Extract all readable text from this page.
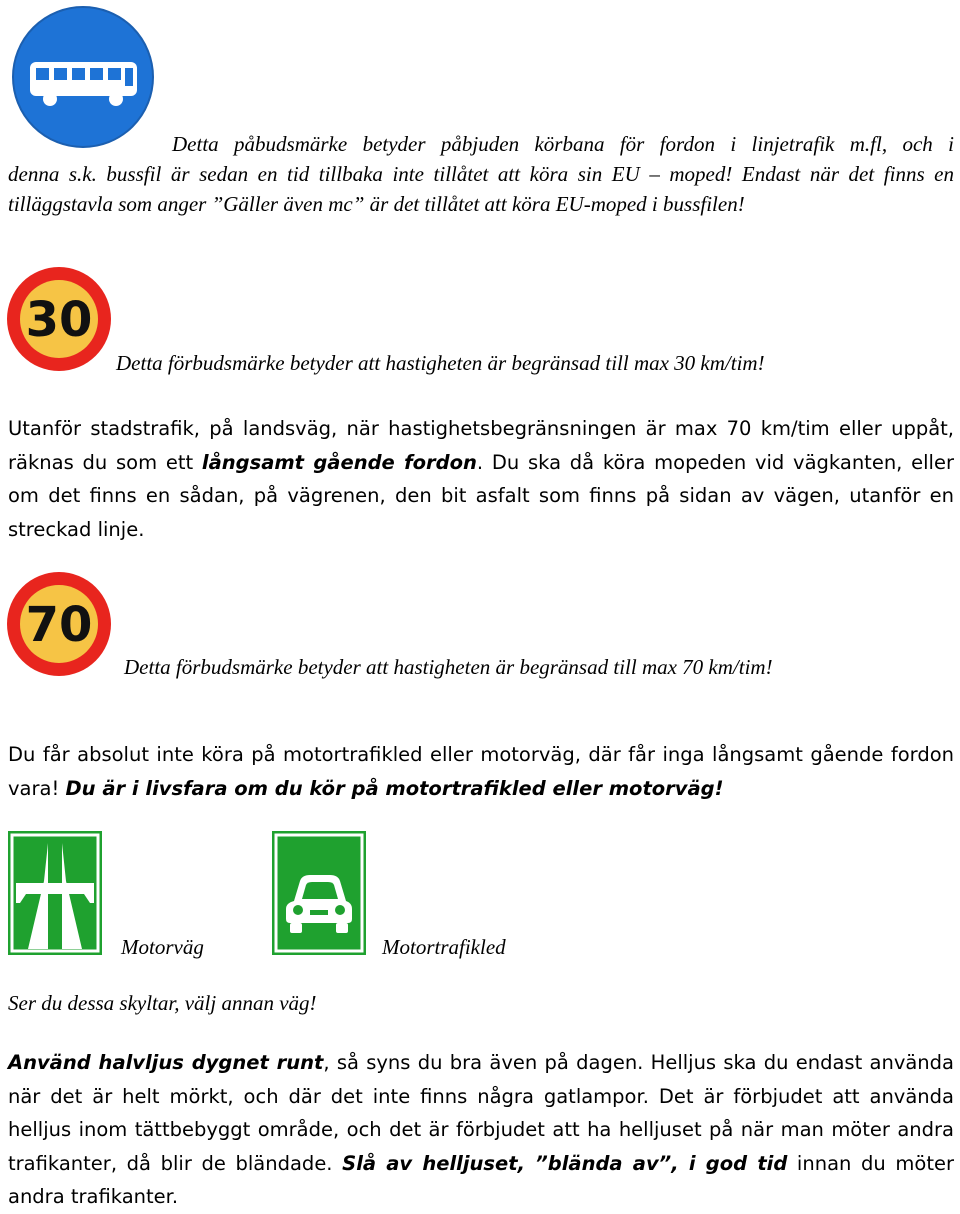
Detta påbudsmärke betyder påbjuden körbana för fordon i linjetrafik m.fl, och i
denna s.k. bussfil är sedan en tid tillbaka inte tillåtet att köra sin EU – moped! Endast när det finns en tilläggstavla som anger ”Gäller även mc” är det tillåtet att köra EU-moped i bussfilen!
30
Detta förbudsmärke betyder att hastigheten är begränsad till max 30 km/tim!
Utanför stadstrafik, på landsväg, när hastighetsbegränsningen är max 70 km/tim eller uppåt, räknas du som ett långsamt gående fordon. Du ska då köra mopeden vid vägkanten, eller om det finns en sådan, på vägrenen, den bit asfalt som finns på sidan av vägen, utanför en streckad linje.
70
Detta förbudsmärke betyder att hastigheten är begränsad till max 70 km/tim!
Du får absolut inte köra på motortrafikled eller motorväg, där får inga långsamt gående fordon vara! Du är i livsfara om du kör på motortrafikled eller motorväg!
Motorväg	Motortrafikled
Ser du dessa skyltar, välj annan väg!
Använd halvljus dygnet runt, så syns du bra även på dagen. Helljus ska du endast använda när det är helt mörkt, och där det inte finns några gatlampor. Det är förbjudet att använda helljus inom tättbebyggt område, och det är förbjudet att ha helljuset på när man möter andra trafikanter, då blir de bländade. Slå av helljuset, ”blända av”, i god tid innan du möter andra trafikanter.
